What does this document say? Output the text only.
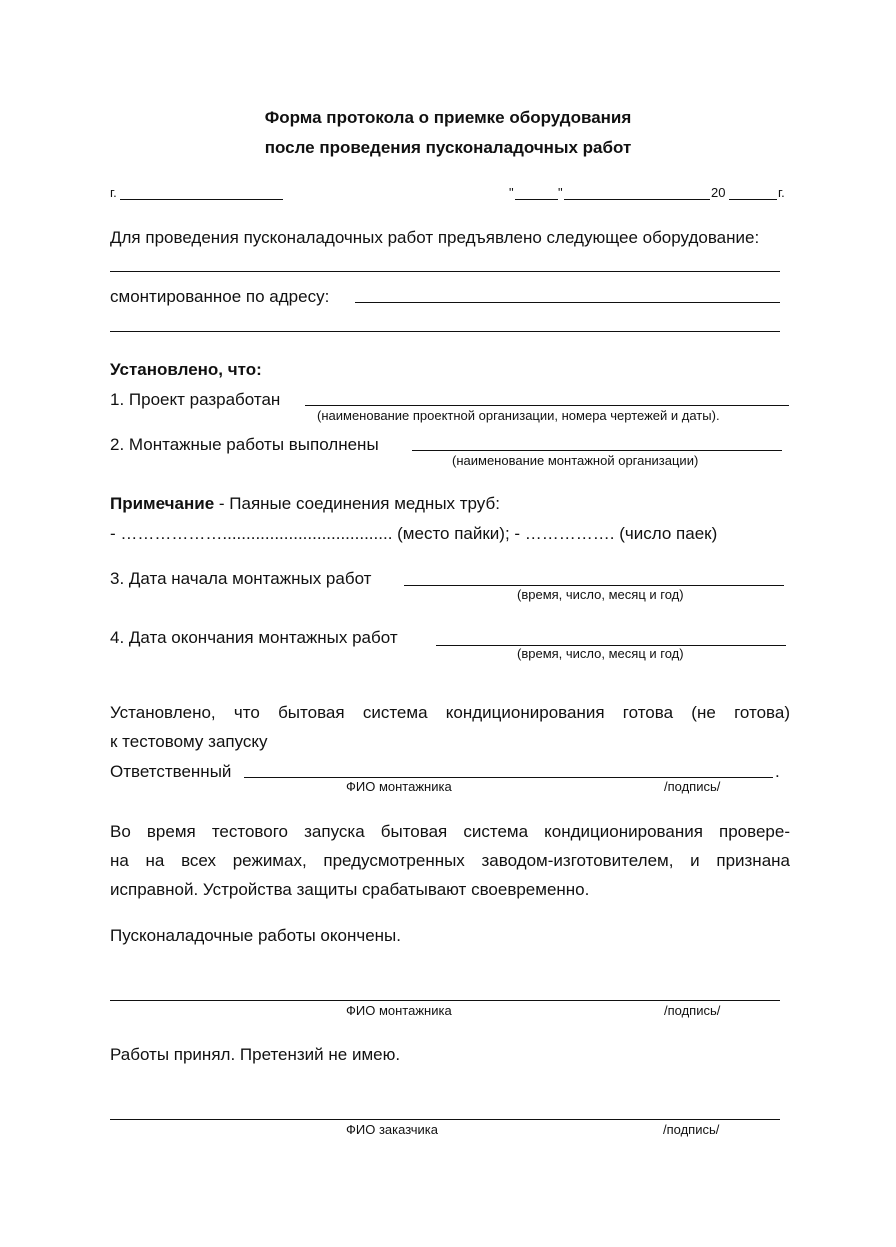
Форма протокола о приемке оборудования
после проведения пусконаладочных работ
г.	"	"	20	г.
Для проведения пусконаладочных работ предъявлено следующее оборудование:
смонтированное по адресу:
Установлено, что:
1. Проект разработан
(наименование проектной организации, номера чертежей и даты).
2. Монтажные работы выполнены
(наименование монтажной организации)
Примечание - Паяные соединения медных труб:
- ……………….................................... (место пайки); - ……………. (число паек)
3. Дата начала монтажных работ
(время, число, месяц и год)
4. Дата окончания монтажных работ
(время, число, месяц и год)
Установлено, что бытовая система кондиционирования готова (не готова)
к тестовому запуску
Ответственный	.
ФИО монтажника	/подпись/
Во время тестового запуска бытовая система кондиционирования провере-
на на всех режимах, предусмотренных заводом-изготовителем, и признана
исправной. Устройства защиты срабатывают своевременно.
Пусконаладочные работы окончены.
ФИО монтажника	/подпись/
Работы принял. Претензий не имею.
ФИО заказчика	/подпись/
